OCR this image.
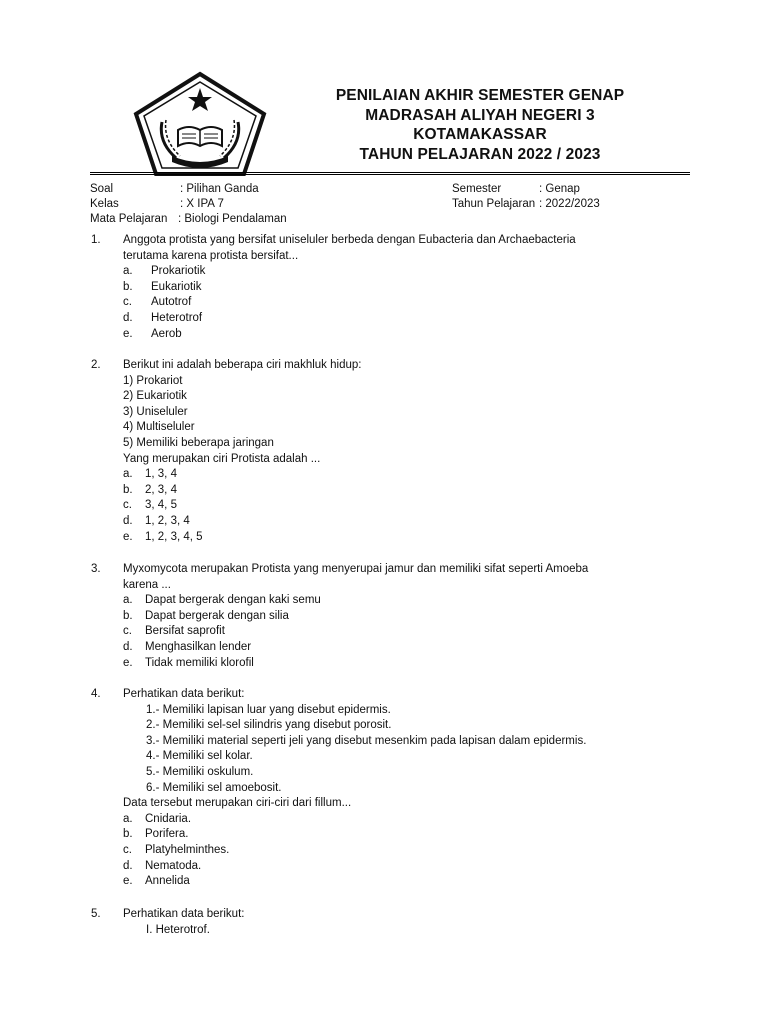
PENILAIAN AKHIR SEMESTER GENAP
MADRASAH ALIYAH NEGERI 3
KOTAMAKASSAR
TAHUN PELAJARAN 2022 / 2023
Soal	: Pilihan Ganda
Kelas	: X IPA 7
Mata Pelajaran : Biologi Pendalaman
Semester	: Genap
Tahun Pelajaran : 2022/2023
1. Anggota protista yang bersifat uniseluler berbeda dengan Eubacteria dan Archaebacteria
terutama karena protista bersifat...
a. Prokariotik
b. Eukariotik
c. Autotrof
d. Heterotrof
e. Aerob
2. Berikut ini adalah beberapa ciri makhluk hidup:
1) Prokariot
2) Eukariotik
3) Uniseluler
4) Multiseluler
5) Memiliki beberapa jaringan
Yang merupakan ciri Protista adalah ...
a. 1, 3, 4
b. 2, 3, 4
c. 3, 4, 5
d. 1, 2, 3, 4
e. 1, 2, 3, 4, 5
3. Myxomycota merupakan Protista yang menyerupai jamur dan memiliki sifat seperti Amoeba
karena ...
a. Dapat bergerak dengan kaki semu
b. Dapat bergerak dengan silia
c. Bersifat saprofit
d. Menghasilkan lender
e. Tidak memiliki klorofil
4. Perhatikan data berikut:
1.- Memiliki lapisan luar yang disebut epidermis.
2.- Memiliki sel-sel silindris yang disebut porosit.
3.- Memiliki material seperti jeli yang disebut mesenkim pada lapisan dalam epidermis.
4.- Memiliki sel kolar.
5.- Memiliki oskulum.
6.- Memiliki sel amoebosit.
Data tersebut merupakan ciri-ciri dari fillum...
a. Cnidaria.
b. Porifera.
c. Platyhelminthes.
d. Nematoda.
e. Annelida
5. Perhatikan data berikut:
I. Heterotrof.
